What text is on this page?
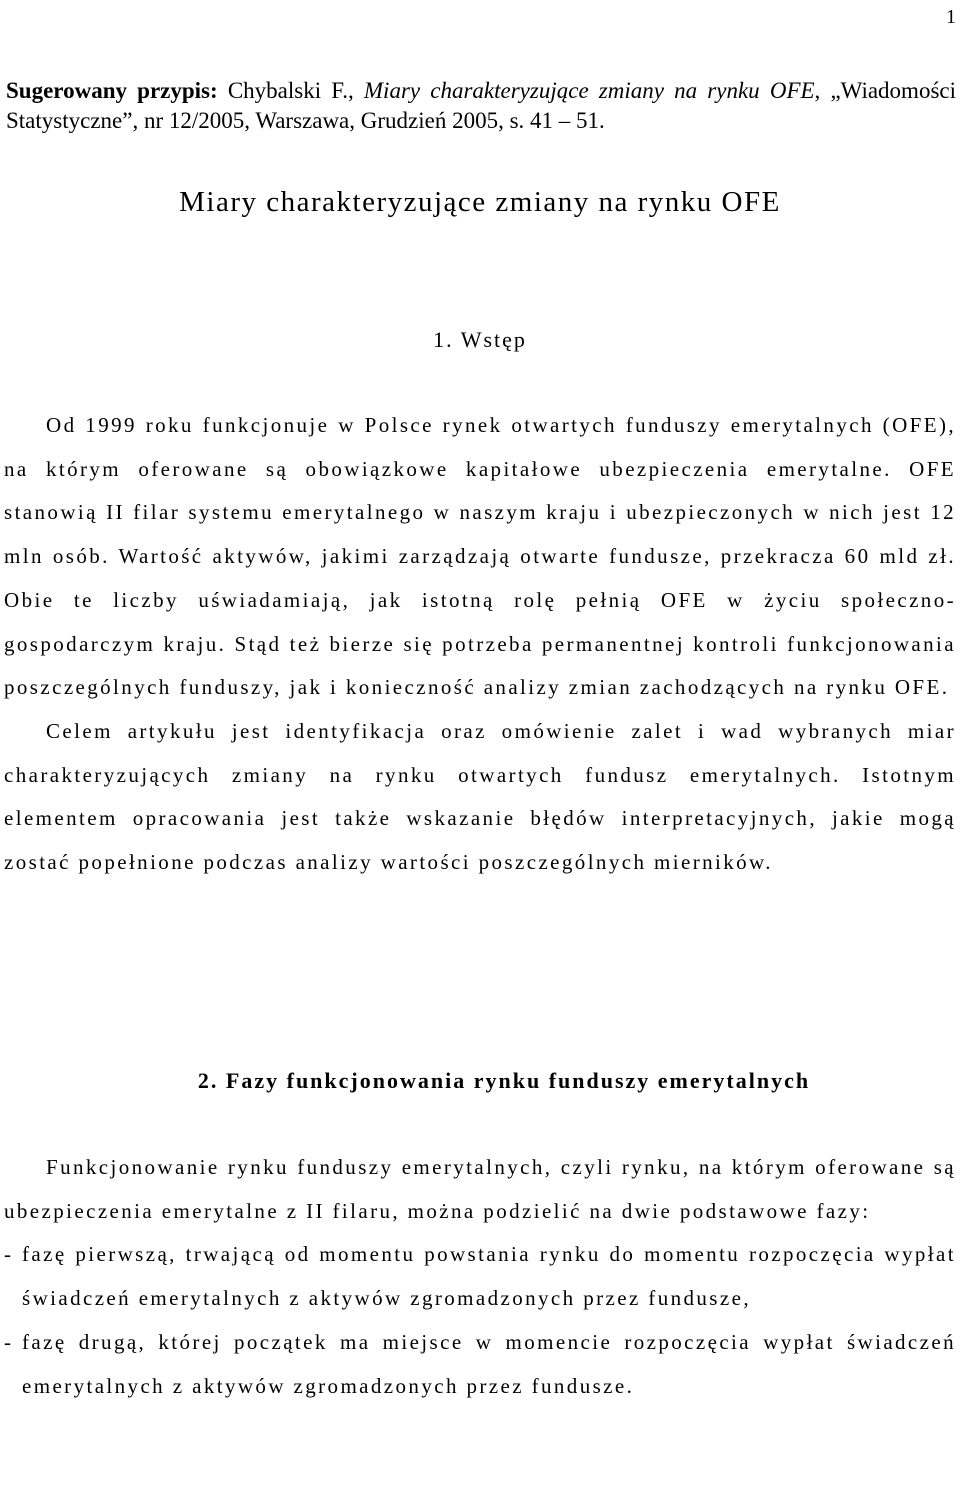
1
Sugerowany przypis: Chybalski F., Miary charakteryzujące zmiany na rynku OFE, „Wiadomości Statystyczne”, nr 12/2005, Warszawa, Grudzień 2005, s. 41 – 51.
Miary charakteryzujące zmiany na rynku OFE
1. Wstęp

Od 1999 roku funkcjonuje w Polsce rynek otwartych funduszy emerytalnych (OFE), na którym oferowane są obowiązkowe kapitałowe ubezpieczenia emerytalne. OFE stanowią II filar systemu emerytalnego w naszym kraju i ubezpieczonych w nich jest 12 mln osób. Wartość aktywów, jakimi zarządzają otwarte fundusze, przekracza 60 mld zł. Obie te liczby uświadamiają, jak istotną rolę pełnią OFE w życiu społeczno-gospodarczym kraju. Stąd też bierze się potrzeba permanentnej kontroli funkcjonowania poszczególnych funduszy, jak i konieczność analizy zmian zachodzących na rynku OFE.

Celem artykułu jest identyfikacja oraz omówienie zalet i wad wybranych miar charakteryzujących zmiany na rynku otwartych fundusz emerytalnych. Istotnym elementem opracowania jest także wskazanie błędów interpretacyjnych, jakie mogą zostać popełnione podczas analizy wartości poszczególnych mierników.

2. Fazy funkcjonowania rynku funduszy emerytalnych

Funkcjonowanie rynku funduszy emerytalnych, czyli rynku, na którym oferowane są ubezpieczenia emerytalne z II filaru, można podzielić na dwie podstawowe fazy:

- fazę pierwszą, trwającą od momentu powstania rynku do momentu rozpoczęcia wypłat świadczeń emerytalnych z aktywów zgromadzonych przez fundusze,
- fazę drugą, której początek ma miejsce w momencie rozpoczęcia wypłat świadczeń emerytalnych z aktywów zgromadzonych przez fundusze.
